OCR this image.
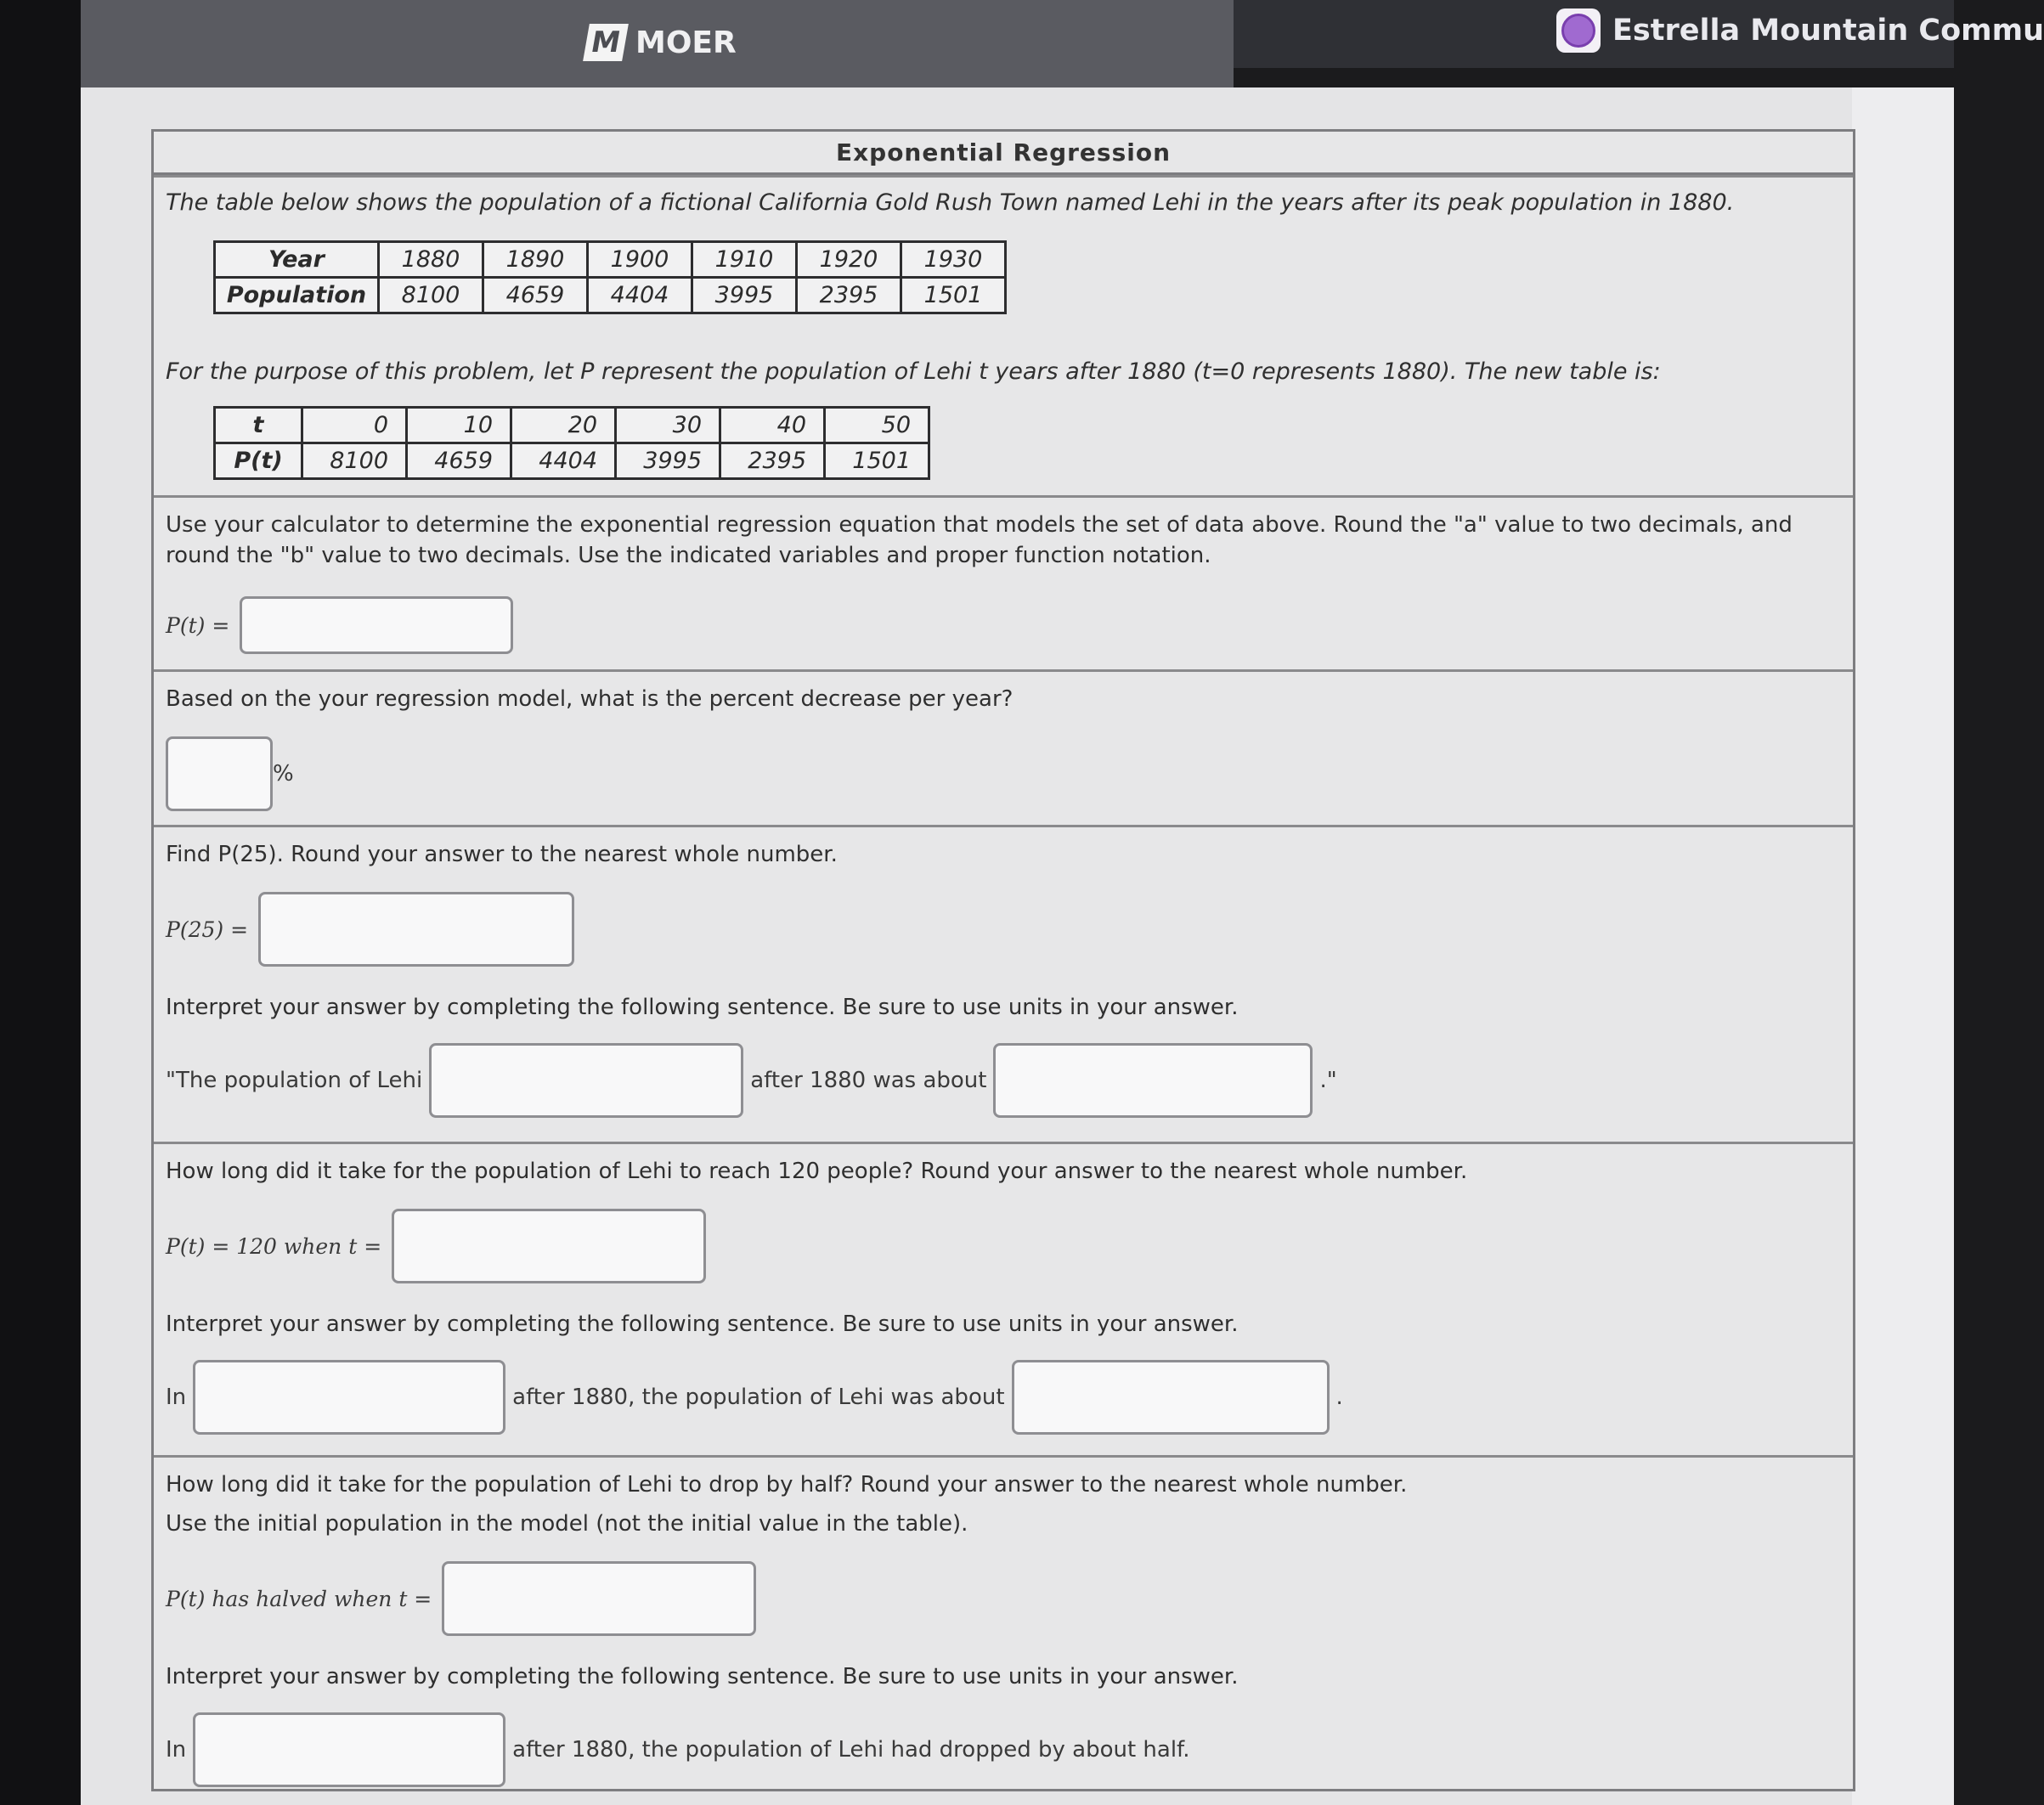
M MOER	Estrella Mountain Commu
Exponential Regression
The table below shows the population of a fictional California Gold Rush Town named Lehi in the years after its peak population in 1880.
Year	1880	1890	1900	1910	1920	1930
Population	8100	4659	4404	3995	2395	1501
For the purpose of this problem, let P represent the population of Lehi t years after 1880 (t=0 represents 1880). The new table is:
t	0	10	20	30	40	50
P(t)	8100	4659	4404	3995	2395	1501
Use your calculator to determine the exponential regression equation that models the set of data above. Round the "a" value to two decimals, and round the "b" value to two decimals. Use the indicated variables and proper function notation.
P(t) =
Based on the your regression model, what is the percent decrease per year?
%
Find P(25). Round your answer to the nearest whole number.
P(25) =
Interpret your answer by completing the following sentence. Be sure to use units in your answer.
"The population of Lehi	after 1880 was about	."
How long did it take for the population of Lehi to reach 120 people? Round your answer to the nearest whole number.
P(t) = 120 when t =
Interpret your answer by completing the following sentence. Be sure to use units in your answer.
In	after 1880, the population of Lehi was about	.
How long did it take for the population of Lehi to drop by half? Round your answer to the nearest whole number.
Use the initial population in the model (not the initial value in the table).
P(t) has halved when t =
Interpret your answer by completing the following sentence. Be sure to use units in your answer.
In	after 1880, the population of Lehi had dropped by about half.
